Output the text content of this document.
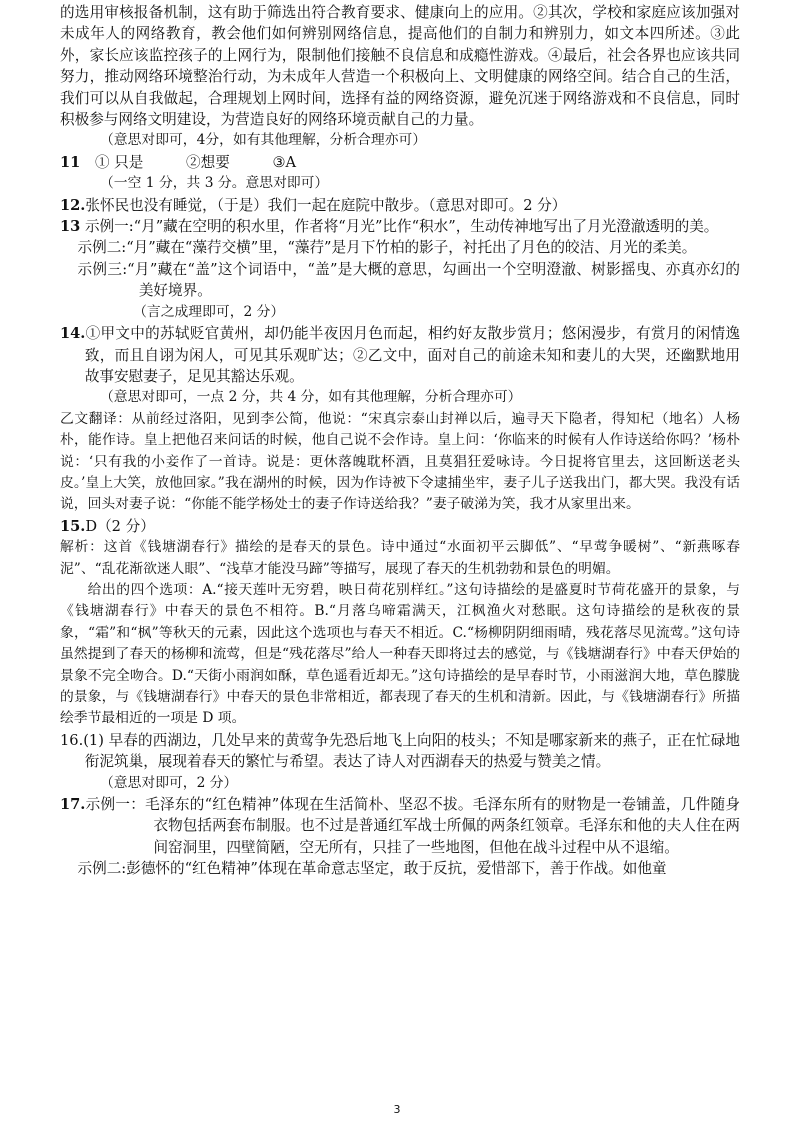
的选用审核报备机制，这有助于筛选出符合教育要求、健康向上的应用。②其次，学校和家庭应该加强对未成年人的网络教育，教会他们如何辨别网络信息，提高他们的自制力和辨别力，如文本四所述。③此外，家长应该监控孩子的上网行为，限制他们接触不良信息和成瘾性游戏。④最后，社会各界也应该共同努力，推动网络环境整治行动，为未成年人营造一个积极向上、文明健康的网络空间。结合自己的生活，我们可以从自我做起，合理规划上网时间，选择有益的网络资源，避免沉迷于网络游戏和不良信息，同时积极参与网络文明建设，为营造良好的网络环境贡献自己的力量。

（意思对即可，4分，如有其他理解，分析合理亦可）

11 ① 只是	②想要	③A

（一空 1 分，共 3 分。意思对即可）

12.张怀民也没有睡觉，（于是）我们一起在庭院中散步。（意思对即可。2 分）

13 示例一:“月”藏在空明的积水里，作者将“月光”比作“积水”，生动传神地写出了月光澄澈透明的美。

示例二:“月”藏在“藻荇交横”里，“藻荇”是月下竹柏的影子，衬托出了月色的皎洁、月光的柔美。

示例三:“月”藏在“盖”这个词语中，“盖”是大概的意思，勾画出一个空明澄澈、树影摇曳、亦真亦幻的美好境界。

（言之成理即可，2 分）

14.①甲文中的苏轼贬官黄州，却仍能半夜因月色而起，相约好友散步赏月；悠闲漫步，有赏月的闲情逸致，而且自诩为闲人，可见其乐观旷达；②乙文中，面对自己的前途未知和妻儿的大哭，还幽默地用故事安慰妻子，足见其豁达乐观。

（意思对即可，一点 2 分，共 4 分，如有其他理解，分析合理亦可）

乙文翻译：从前经过洛阳，见到李公简，他说：“宋真宗泰山封禅以后，遍寻天下隐者，得知杞（地名）人杨朴，能作诗。皇上把他召来问话的时候，他自己说不会作诗。皇上问：‘你临来的时候有人作诗送给你吗？’杨朴说：‘只有我的小妾作了一首诗。说是：更休落魄耽杯酒，且莫猖狂爱咏诗。今日捉将官里去，这回断送老头皮。’皇上大笑，放他回家。”我在湖州的时候，因为作诗被下令逮捕坐牢，妻子儿子送我出门，都大哭。我没有话说，回头对妻子说：“你能不能学杨处士的妻子作诗送给我？”妻子破涕为笑，我才从家里出来。

15.D（2 分）

解析：这首《钱塘湖春行》描绘的是春天的景色。诗中通过“水面初平云脚低”、“早莺争暖树”、“新燕啄春泥”、“乱花渐欲迷人眼”、“浅草才能没马蹄”等描写，展现了春天的生机勃勃和景色的明媚。

给出的四个选项：A.“接天莲叶无穷碧，映日荷花别样红。”这句诗描绘的是盛夏时节荷花盛开的景象，与《钱塘湖春行》中春天的景色不相符。B.“月落乌啼霜满天，江枫渔火对愁眠。这句诗描绘的是秋夜的景象，“霜”和“枫”等秋天的元素，因此这个选项也与春天不相近。C.“杨柳阴阴细雨晴，残花落尽见流莺。”这句诗虽然提到了春天的杨柳和流莺，但是“残花落尽”给人一种春天即将过去的感觉，与《钱塘湖春行》中春天伊始的景象不完全吻合。D.“天街小雨润如酥，草色遥看近却无。”这句诗描绘的是早春时节，小雨滋润大地，草色朦胧的景象，与《钱塘湖春行》中春天的景色非常相近，都表现了春天的生机和清新。因此，与《钱塘湖春行》所描绘季节最相近的一项是 D 项。

16.(1) 早春的西湖边，几处早来的黄莺争先恐后地飞上向阳的枝头；不知是哪家新来的燕子，正在忙碌地衔泥筑巢，展现着春天的繁忙与希望。表达了诗人对西湖春天的热爱与赞美之情。

（意思对即可，2 分）

17.示例一：毛泽东的“红色精神”体现在生活简朴、坚忍不拔。毛泽东所有的财物是一卷铺盖，几件随身衣物包括两套布制服。也不过是普通红军战士所佩的两条红领章。毛泽东和他的夫人住在两间窑洞里，四壁简陋，空无所有，只挂了一些地图，但他在战斗过程中从不退缩。

示例二:彭德怀的“红色精神”体现在革命意志坚定，敢于反抗，爱惜部下，善于作战。如他童

3
